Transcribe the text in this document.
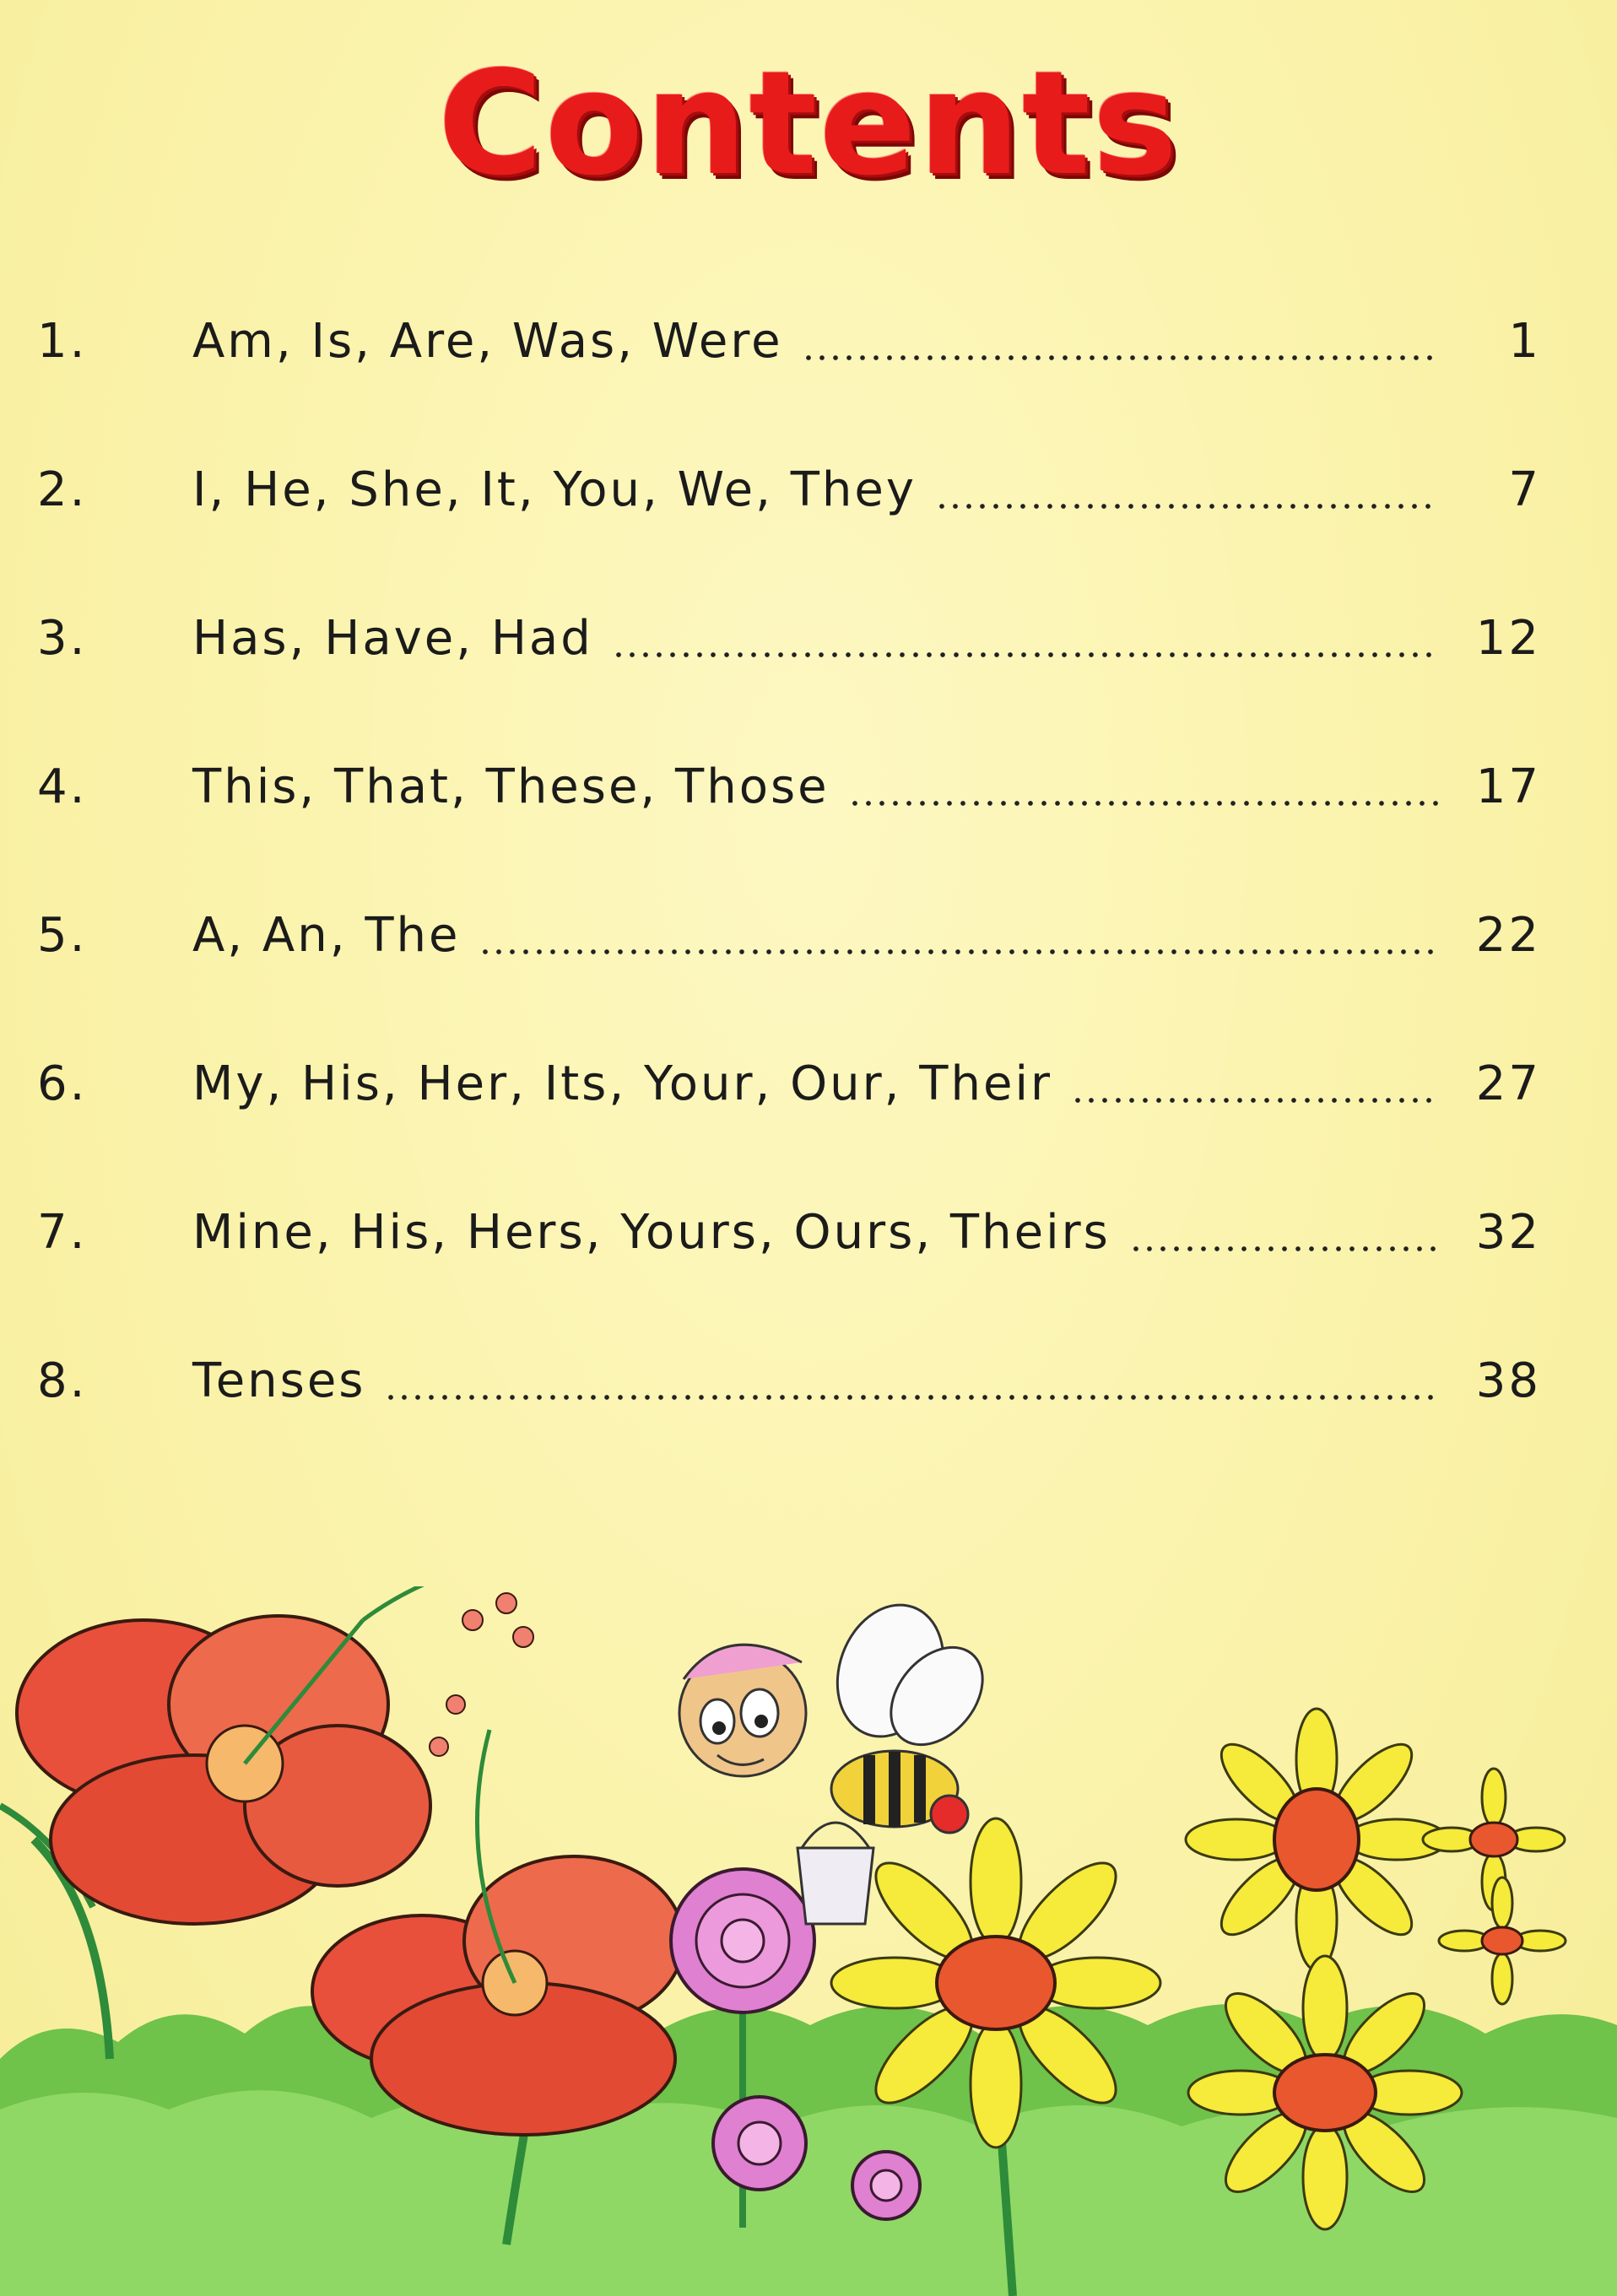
Contents
1. Am, Is, Are, Was, Were	1
2. I, He, She, It, You, We, They	7
3. Has, Have, Had	12
4. This, That, These, Those	17
5. A, An, The	22
6. My, His, Her, Its, Your, Our, Their	27
7. Mine, His, Hers, Yours, Ours, Theirs	32
8. Tenses	38
